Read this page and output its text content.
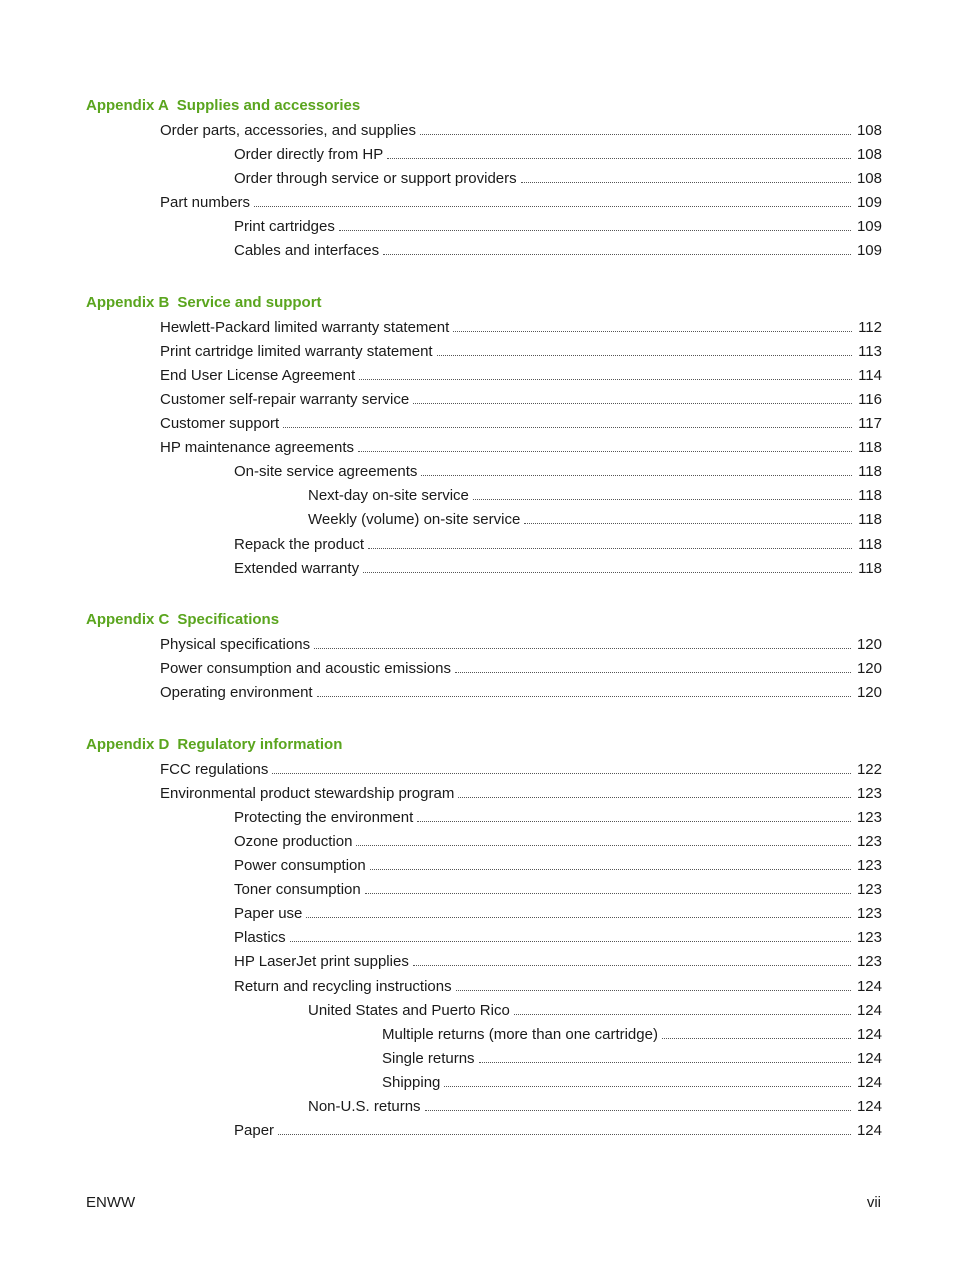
Appendix A Supplies and accessories
Order parts, accessories, and supplies	108
Order directly from HP	108
Order through service or support providers	108
Part numbers	109
Print cartridges	109
Cables and interfaces	109
Appendix B Service and support
Hewlett-Packard limited warranty statement	112
Print cartridge limited warranty statement	113
End User License Agreement	114
Customer self-repair warranty service	116
Customer support	117
HP maintenance agreements	118
On-site service agreements	118
Next-day on-site service	118
Weekly (volume) on-site service	118
Repack the product	118
Extended warranty	118
Appendix C Specifications
Physical specifications	120
Power consumption and acoustic emissions	120
Operating environment	120
Appendix D Regulatory information
FCC regulations	122
Environmental product stewardship program	123
Protecting the environment	123
Ozone production	123
Power consumption	123
Toner consumption	123
Paper use	123
Plastics	123
HP LaserJet print supplies	123
Return and recycling instructions	124
United States and Puerto Rico	124
Multiple returns (more than one cartridge)	124
Single returns	124
Shipping	124
Non-U.S. returns	124
Paper	124
ENWW	vii
